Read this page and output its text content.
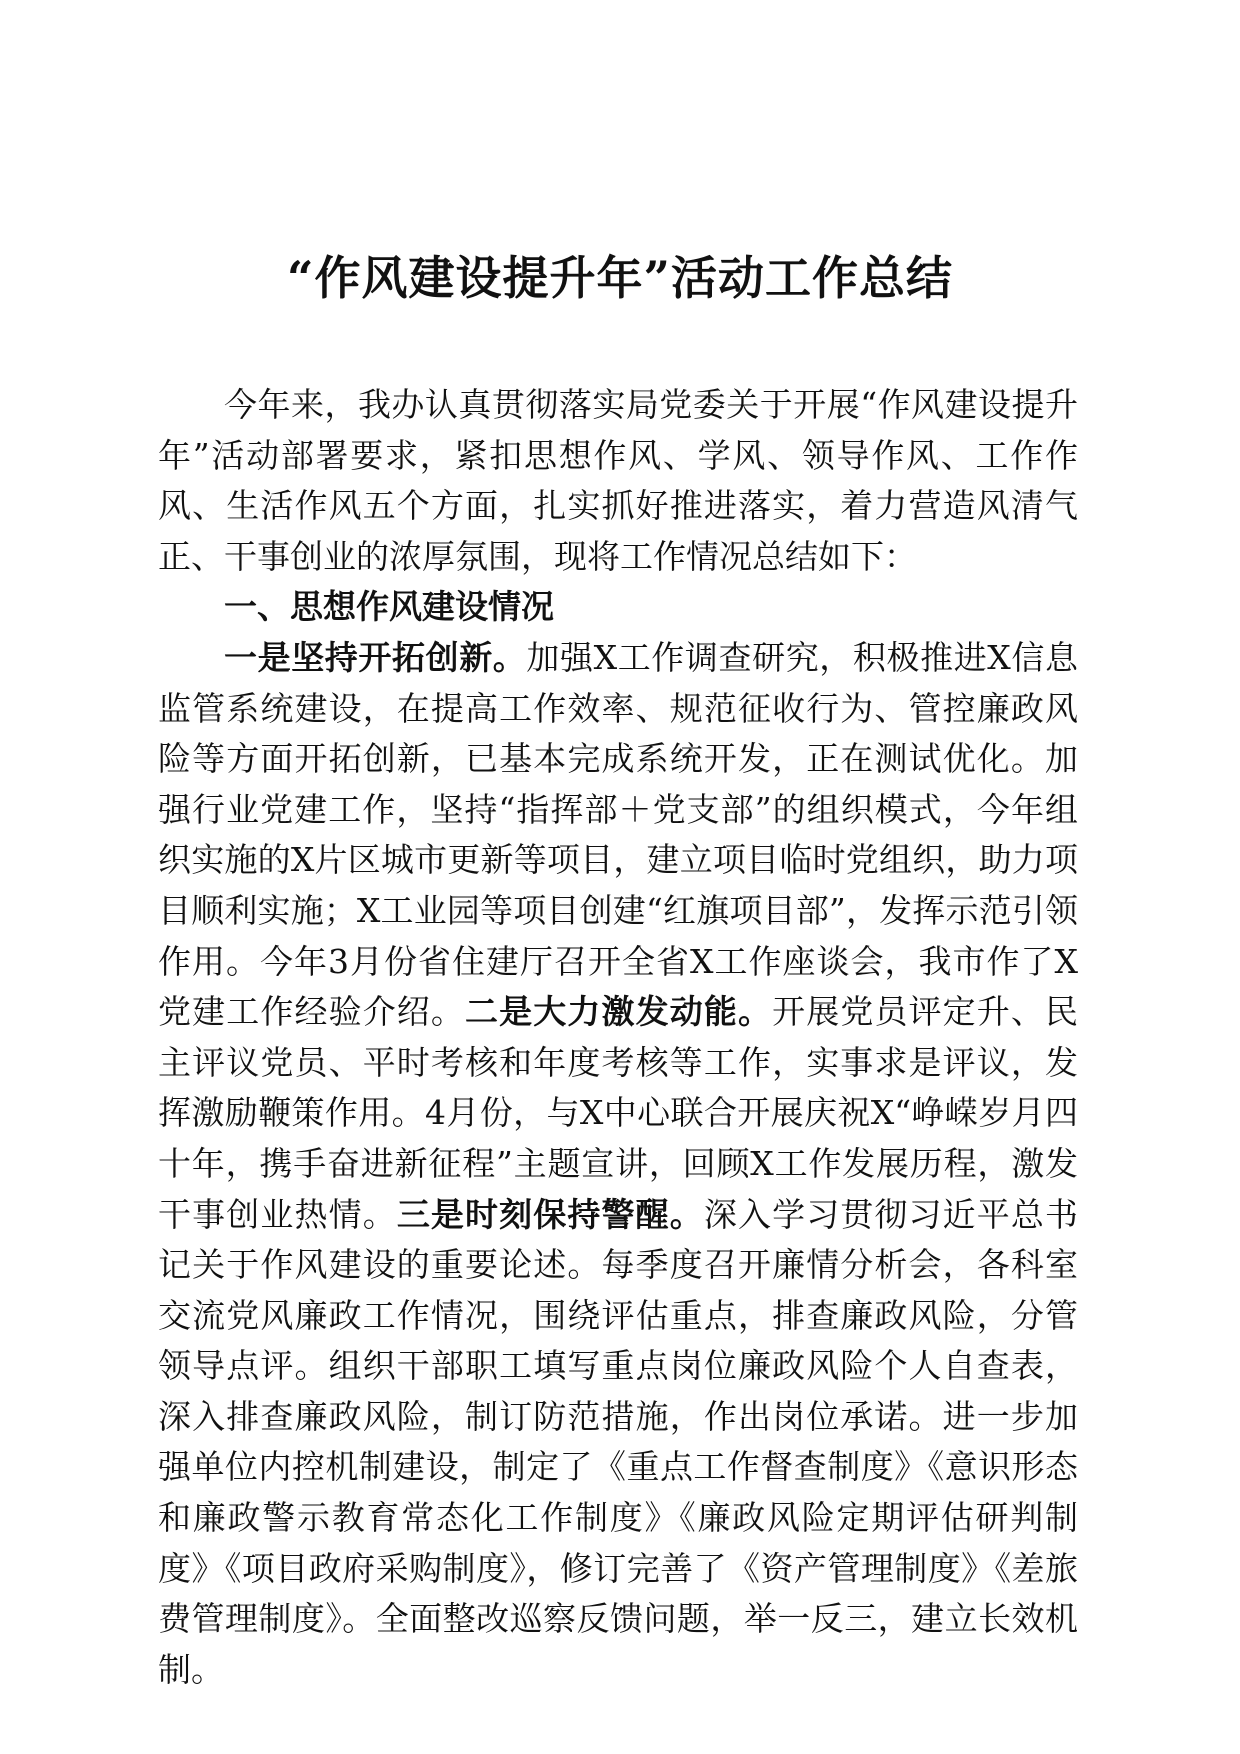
“作风建设提升年”活动工作总结

今年来，我办认真贯彻落实局党委关于开展“作风建设提升年”活动部署要求，紧扣思想作风、学风、领导作风、工作作风、生活作风五个方面，扎实抓好推进落实，着力营造风清气正、干事创业的浓厚氛围，现将工作情况总结如下：

一、思想作风建设情况

一是坚持开拓创新。加强X工作调查研究，积极推进X信息监管系统建设，在提高工作效率、规范征收行为、管控廉政风险等方面开拓创新，已基本完成系统开发，正在测试优化。加强行业党建工作，坚持“指挥部＋党支部”的组织模式，今年组织实施的X片区城市更新等项目，建立项目临时党组织，助力项目顺利实施；X工业园等项目创建“红旗项目部”，发挥示范引领作用。今年3月份省住建厅召开全省X工作座谈会，我市作了X党建工作经验介绍。二是大力激发动能。开展党员评定升、民主评议党员、平时考核和年度考核等工作，实事求是评议，发挥激励鞭策作用。4月份，与X中心联合开展庆祝X“峥嵘岁月四十年，携手奋进新征程”主题宣讲，回顾X工作发展历程，激发干事创业热情。三是时刻保持警醒。深入学习贯彻习近平总书记关于作风建设的重要论述。每季度召开廉情分析会，各科室交流党风廉政工作情况，围绕评估重点，排查廉政风险，分管领导点评。组织干部职工填写重点岗位廉政风险个人自查表，深入排查廉政风险，制订防范措施，作出岗位承诺。进一步加强单位内控机制建设，制定了《重点工作督查制度》《意识形态和廉政警示教育常态化工作制度》《廉政风险定期评估研判制度》《项目政府采购制度》，修订完善了《资产管理制度》《差旅费管理制度》。全面整改巡察反馈问题，举一反三，建立长效机制。
